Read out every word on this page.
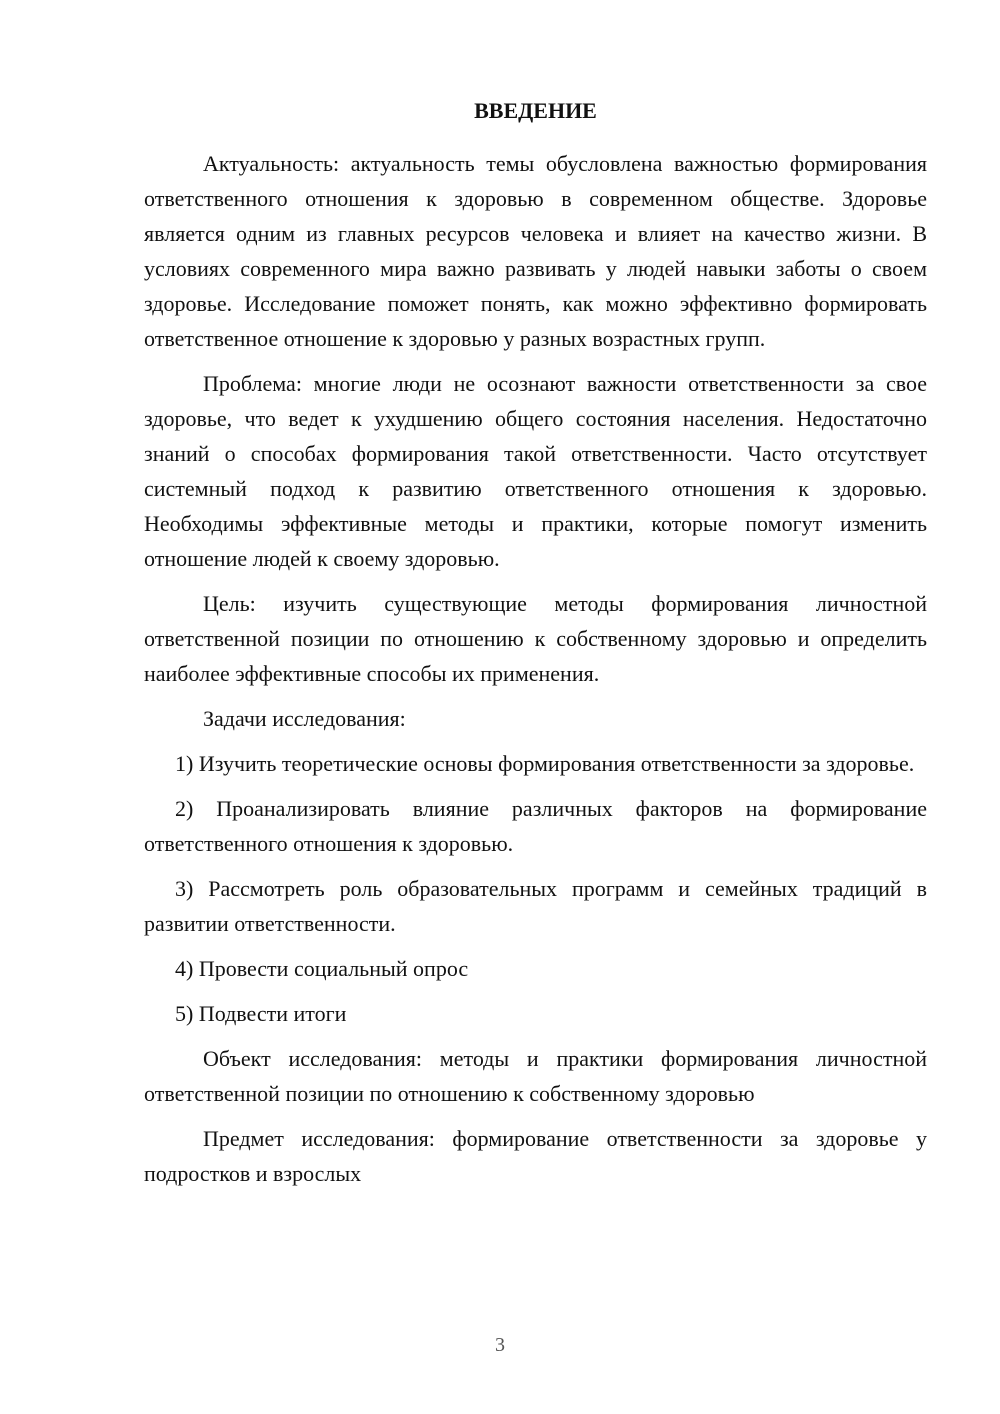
ВВЕДЕНИЕ

Актуальность: актуальность темы обусловлена важностью формирования ответственного отношения к здоровью в современном обществе. Здоровье является одним из главных ресурсов человека и влияет на качество жизни. В условиях современного мира важно развивать у людей навыки заботы о своем здоровье. Исследование поможет понять, как можно эффективно формировать ответственное отношение к здоровью у разных возрастных групп.

Проблема: многие люди не осознают важности ответственности за свое здоровье, что ведет к ухудшению общего состояния населения. Недостаточно знаний о способах формирования такой ответственности. Часто отсутствует системный подход к развитию ответственного отношения к здоровью. Необходимы эффективные методы и практики, которые помогут изменить отношение людей к своему здоровью.

Цель: изучить существующие методы формирования личностной ответственной позиции по отношению к собственному здоровью и определить наиболее эффективные способы их применения.

Задачи исследования:

1) Изучить теоретические основы формирования ответственности за здоровье.

2) Проанализировать влияние различных факторов на формирование ответственного отношения к здоровью.

3) Рассмотреть роль образовательных программ и семейных традиций в развитии ответственности.

4) Провести социальный опрос

5) Подвести итоги

Объект исследования: методы и практики формирования личностной ответственной позиции по отношению к собственному здоровью

Предмет исследования: формирование ответственности за здоровье у подростков и взрослых

3
